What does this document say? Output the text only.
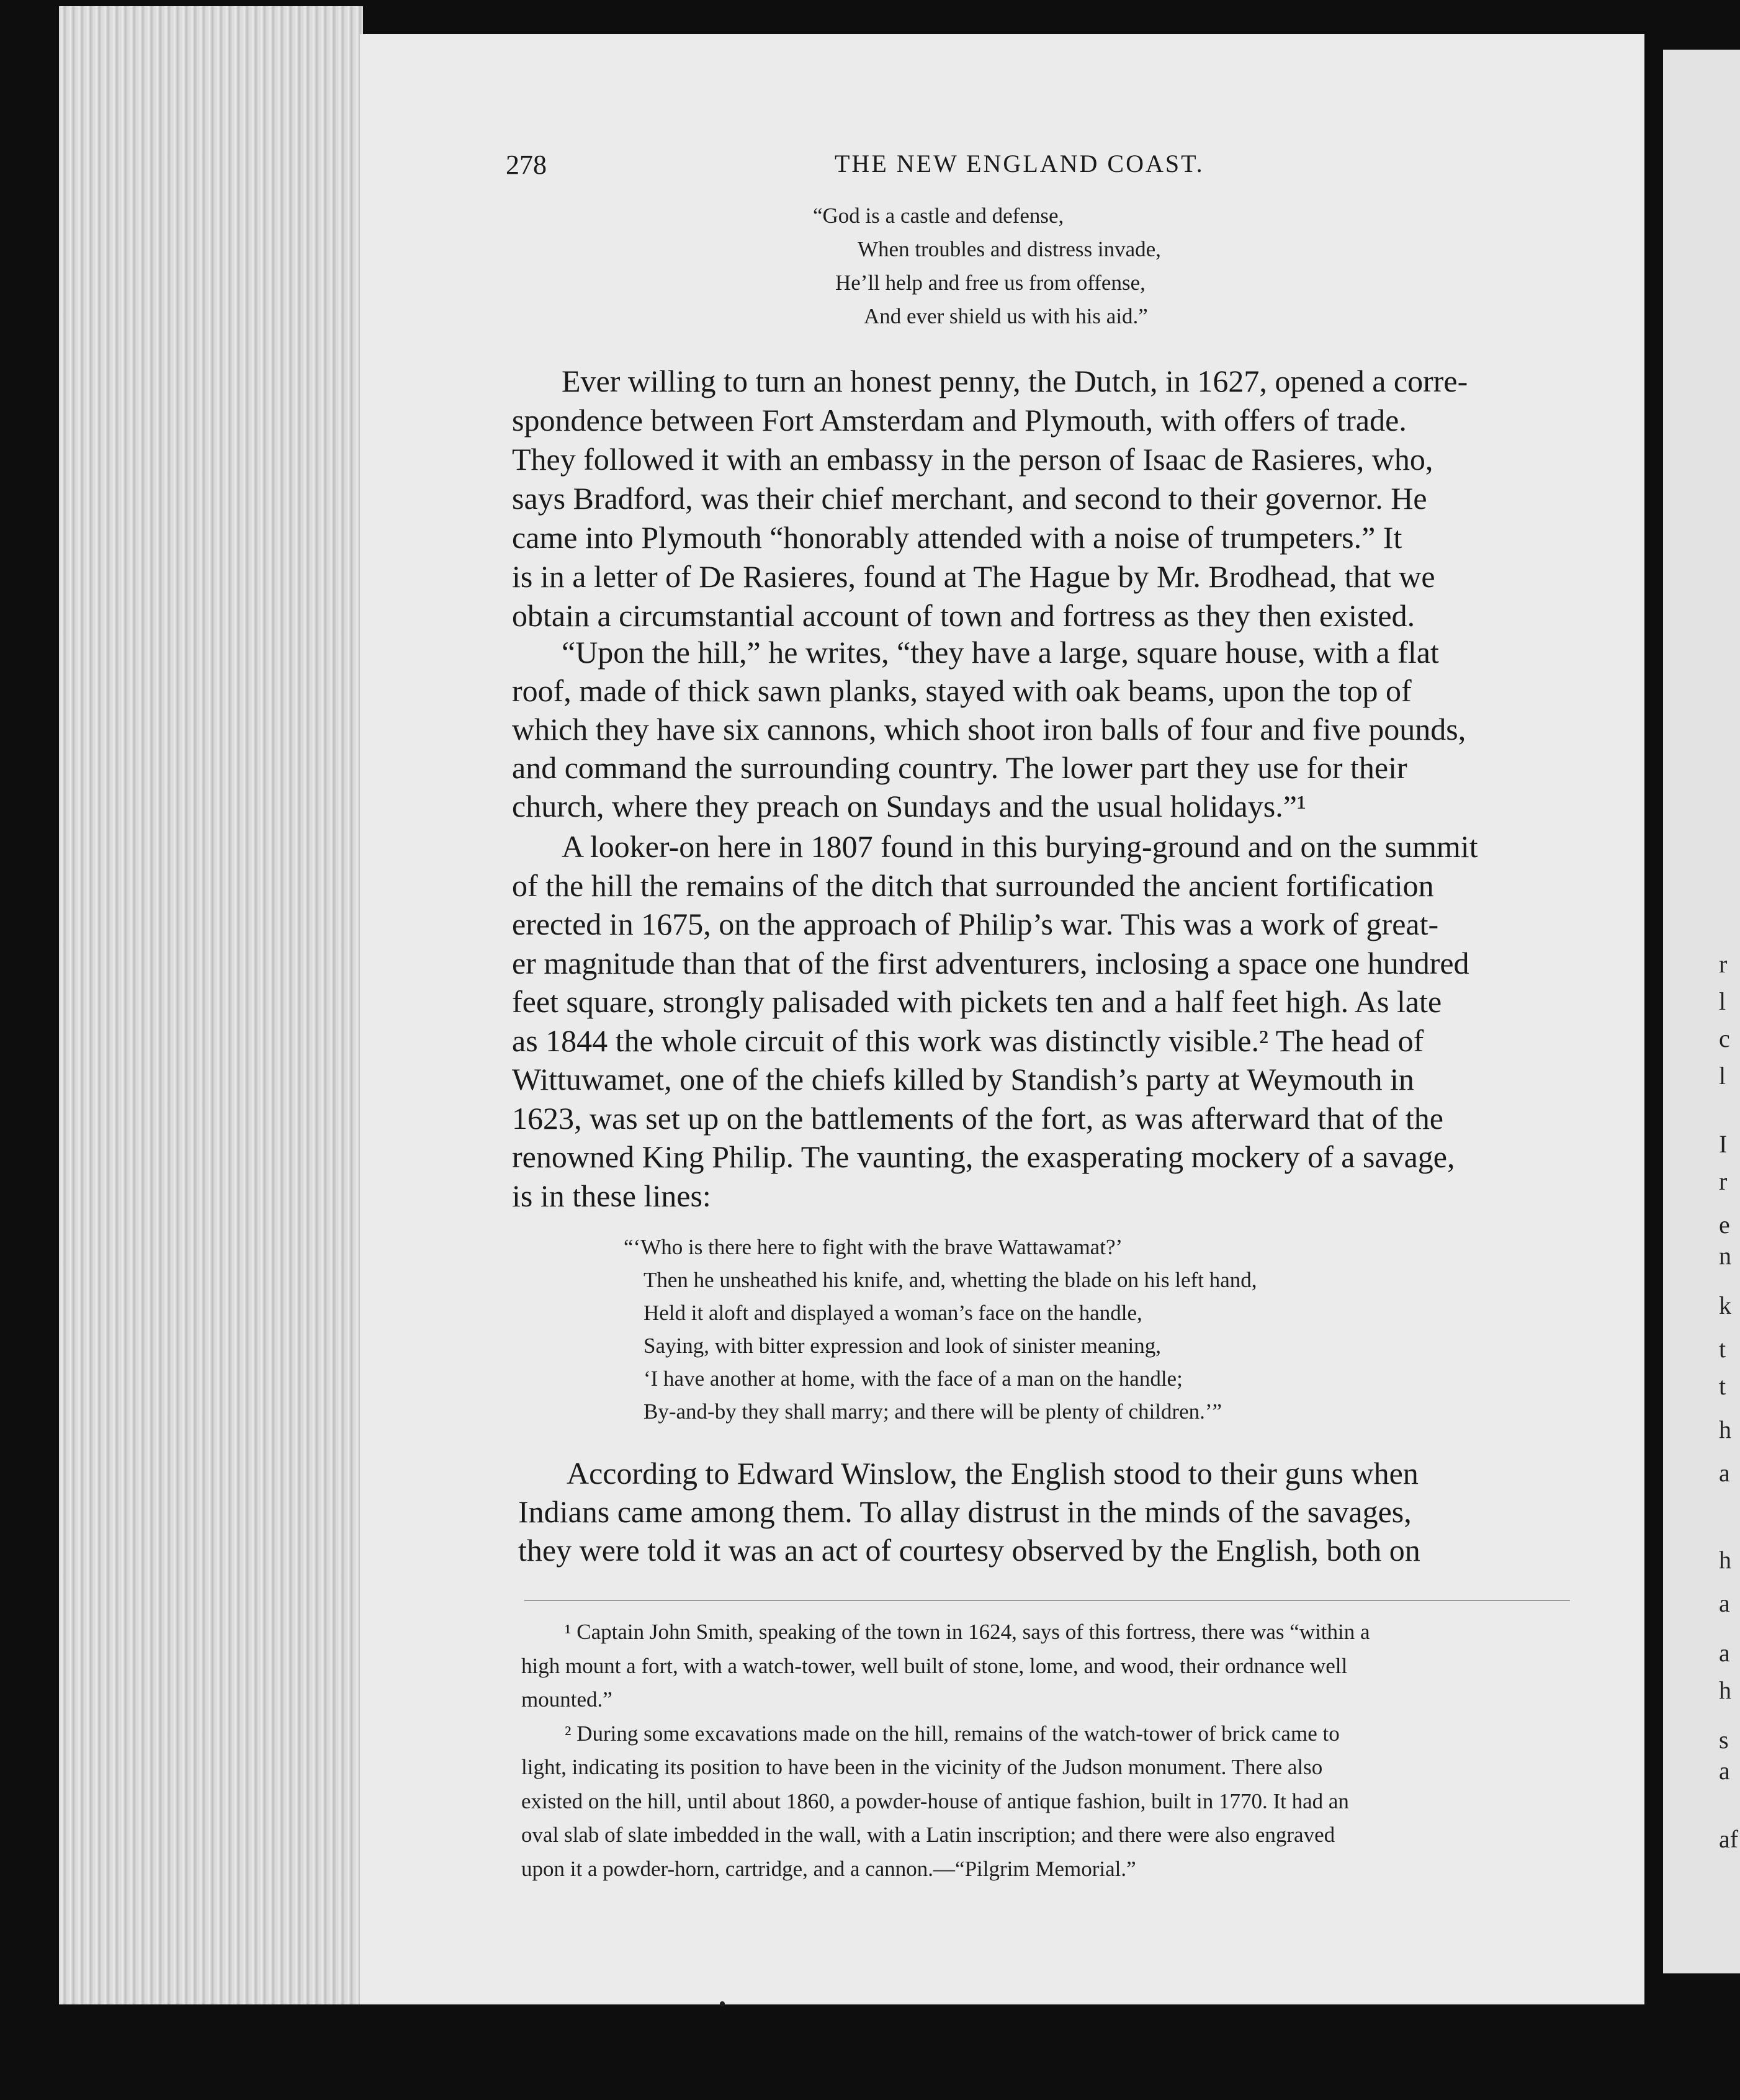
r
l
c
l
I
r
e
n
k
t
t
h
a
h
a
a
h
s
a
af
278	THE NEW ENGLAND COAST.
“God is a castle and defense,
When troubles and distress invade,
He’ll help and free us from offense,
And ever shield us with his aid.”
Ever willing to turn an honest penny, the Dutch, in 1627, opened a corre-
spondence between Fort Amsterdam and Plymouth, with offers of trade.
They followed it with an embassy in the person of Isaac de Rasieres, who,
says Bradford, was their chief merchant, and second to their governor. He
came into Plymouth “honorably attended with a noise of trumpeters.” It
is in a letter of De Rasieres, found at The Hague by Mr. Brodhead, that we
obtain a circumstantial account of town and fortress as they then existed.
“Upon the hill,” he writes, “they have a large, square house, with a flat
roof, made of thick sawn planks, stayed with oak beams, upon the top of
which they have six cannons, which shoot iron balls of four and five pounds,
and command the surrounding country. The lower part they use for their
church, where they preach on Sundays and the usual holidays.”¹
A looker-on here in 1807 found in this burying-ground and on the summit
of the hill the remains of the ditch that surrounded the ancient fortification
erected in 1675, on the approach of Philip’s war. This was a work of great-
er magnitude than that of the first adventurers, inclosing a space one hundred
feet square, strongly palisaded with pickets ten and a half feet high. As late
as 1844 the whole circuit of this work was distinctly visible.² The head of
Wittuwamet, one of the chiefs killed by Standish’s party at Weymouth in
1623, was set up on the battlements of the fort, as was afterward that of the
renowned King Philip. The vaunting, the exasperating mockery of a savage,
is in these lines:
“‘Who is there here to fight with the brave Wattawamat?’
Then he unsheathed his knife, and, whetting the blade on his left hand,
Held it aloft and displayed a woman’s face on the handle,
Saying, with bitter expression and look of sinister meaning,
‘I have another at home, with the face of a man on the handle;
By-and-by they shall marry; and there will be plenty of children.’”
According to Edward Winslow, the English stood to their guns when
Indians came among them. To allay distrust in the minds of the savages,
they were told it was an act of courtesy observed by the English, both on
¹ Captain John Smith, speaking of the town in 1624, says of this fortress, there was “within a
high mount a fort, with a watch-tower, well built of stone, lome, and wood, their ordnance well
mounted.”
² During some excavations made on the hill, remains of the watch-tower of brick came to
light, indicating its position to have been in the vicinity of the Judson monument. There also
existed on the hill, until about 1860, a powder-house of antique fashion, built in 1770. It had an
oval slab of slate imbedded in the wall, with a Latin inscription; and there were also engraved
upon it a powder-horn, cartridge, and a cannon.—“Pilgrim Memorial.”
